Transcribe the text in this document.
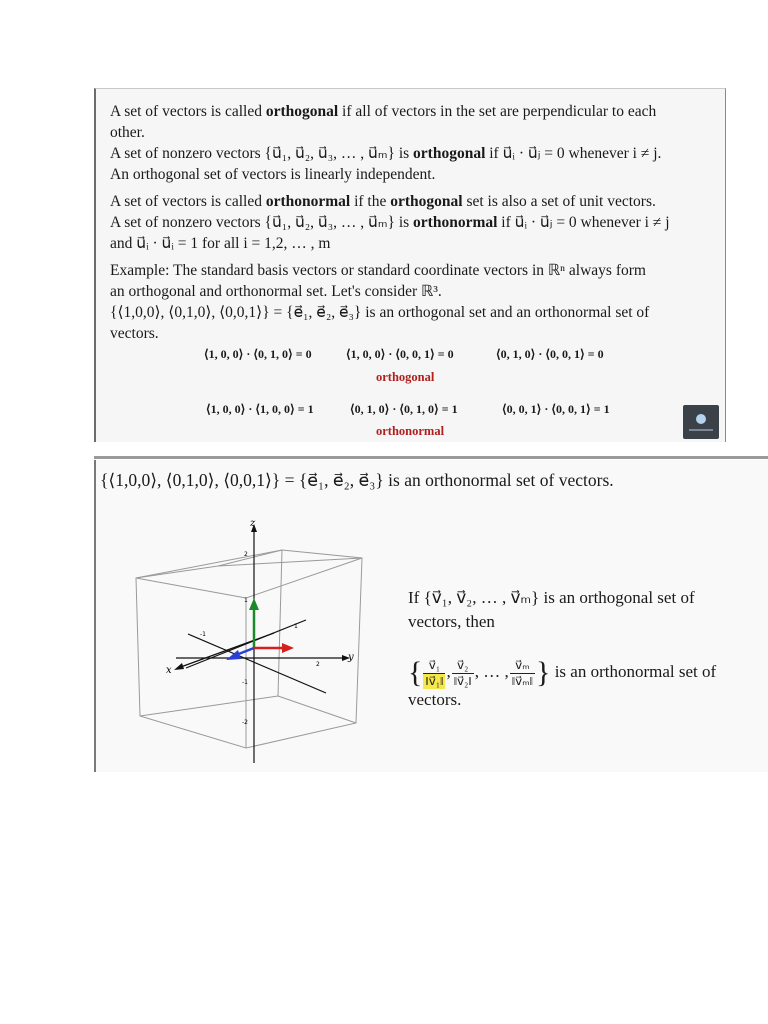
A set of vectors is called orthogonal if all of vectors in the set are perpendicular to each
other.
A set of nonzero vectors {u⃗₁, u⃗₂, u⃗₃, … , u⃗ₘ} is orthogonal if u⃗ᵢ · u⃗ⱼ = 0 whenever i ≠ j.
An orthogonal set of vectors is linearly independent.
A set of vectors is called orthonormal if the orthogonal set is also a set of unit vectors.
A set of nonzero vectors {u⃗₁, u⃗₂, u⃗₃, … , u⃗ₘ} is orthonormal if u⃗ᵢ · u⃗ⱼ = 0 whenever i ≠ j
and u⃗ᵢ · u⃗ᵢ = 1 for all i = 1,2, … , m
Example: The standard basis vectors or standard coordinate vectors in ℝⁿ always form
an orthogonal and orthonormal set. Let's consider ℝ³.
{⟨1,0,0⟩, ⟨0,1,0⟩, ⟨0,0,1⟩} = {e⃗₁, e⃗₂, e⃗₃} is an orthogonal set and an orthonormal set of
vectors.
⟨1, 0, 0⟩ · ⟨0, 1, 0⟩ = 0	⟨1, 0, 0⟩ · ⟨0, 0, 1⟩ = 0	⟨0, 1, 0⟩ · ⟨0, 0, 1⟩ = 0
orthogonal
⟨1, 0, 0⟩ · ⟨1, 0, 0⟩ = 1	⟨0, 1, 0⟩ · ⟨0, 1, 0⟩ = 1	⟨0, 0, 1⟩ · ⟨0, 0, 1⟩ = 1
orthonormal
{⟨1,0,0⟩, ⟨0,1,0⟩, ⟨0,0,1⟩} = {e⃗₁, e⃗₂, e⃗₃} is an orthonormal set of vectors.
z
y
x
2
1
-1
-2
-1
1
2
If {v⃗₁, v⃗₂, … , v⃗ₘ} is an orthogonal set of
vectors, then
{ $\frac{\text{v⃗₁}}{\text{‖v⃗₁‖}}$ , $\frac{\text{v⃗₂}}{\text{‖v⃗₂‖}}$ , … , $\frac{\text{v⃗ₘ}}{\text{‖v⃗ₘ‖}}$ } is an orthonormal set of
vectors.
